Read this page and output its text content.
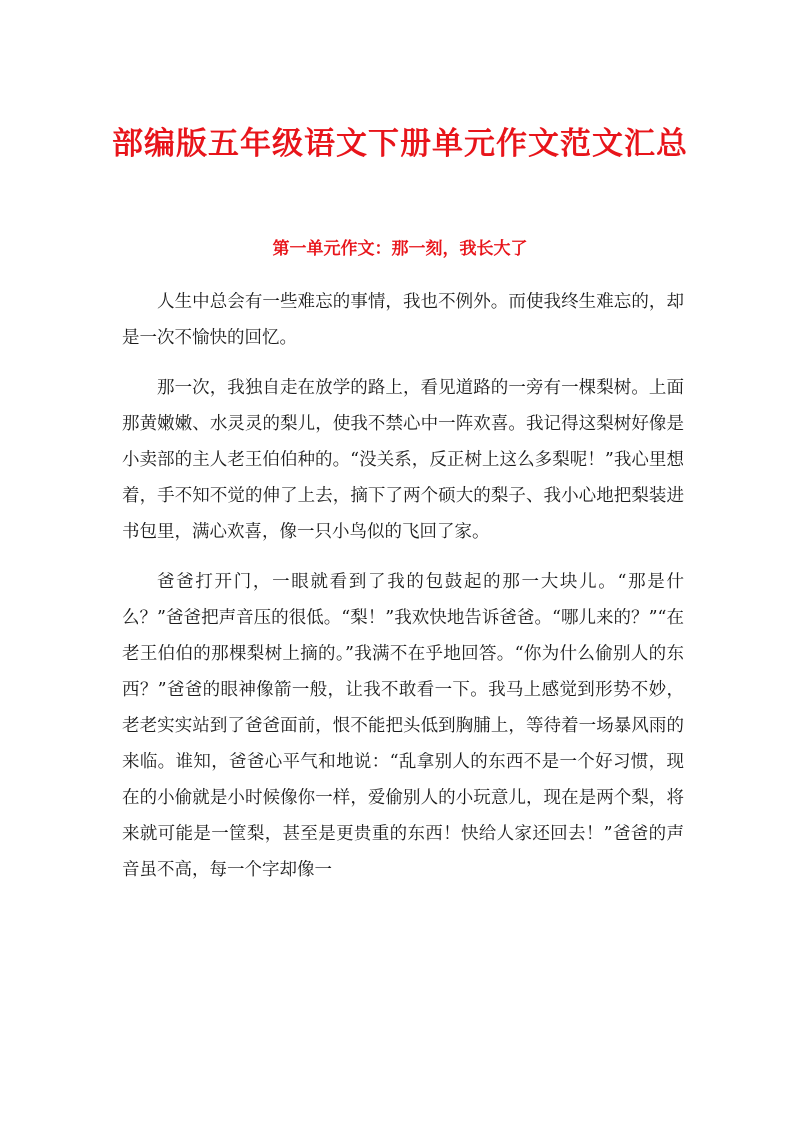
部编版五年级语文下册单元作文范文汇总
第一单元作文：那一刻，我长大了

人生中总会有一些难忘的事情，我也不例外。而使我终生难忘的，却是一次不愉快的回忆。

那一次，我独自走在放学的路上，看见道路的一旁有一棵梨树。上面那黄嫩嫩、水灵灵的梨儿，使我不禁心中一阵欢喜。我记得这梨树好像是小卖部的主人老王伯伯种的。“没关系，反正树上这么多梨呢！”我心里想着，手不知不觉的伸了上去，摘下了两个硕大的梨子、我小心地把梨装进书包里，满心欢喜，像一只小鸟似的飞回了家。

爸爸打开门，一眼就看到了我的包鼓起的那一大块儿。“那是什么？”爸爸把声音压的很低。“梨！”我欢快地告诉爸爸。“哪儿来的？”“在老王伯伯的那棵梨树上摘的。”我满不在乎地回答。“你为什么偷别人的东西？”爸爸的眼神像箭一般，让我不敢看一下。我马上感觉到形势不妙，老老实实站到了爸爸面前，恨不能把头低到胸脯上，等待着一场暴风雨的来临。谁知，爸爸心平气和地说：“乱拿别人的东西不是一个好习惯，现在的小偷就是小时候像你一样，爱偷别人的小玩意儿，现在是两个梨，将来就可能是一筐梨，甚至是更贵重的东西！快给人家还回去！”爸爸的声音虽不高，每一个字却像一
